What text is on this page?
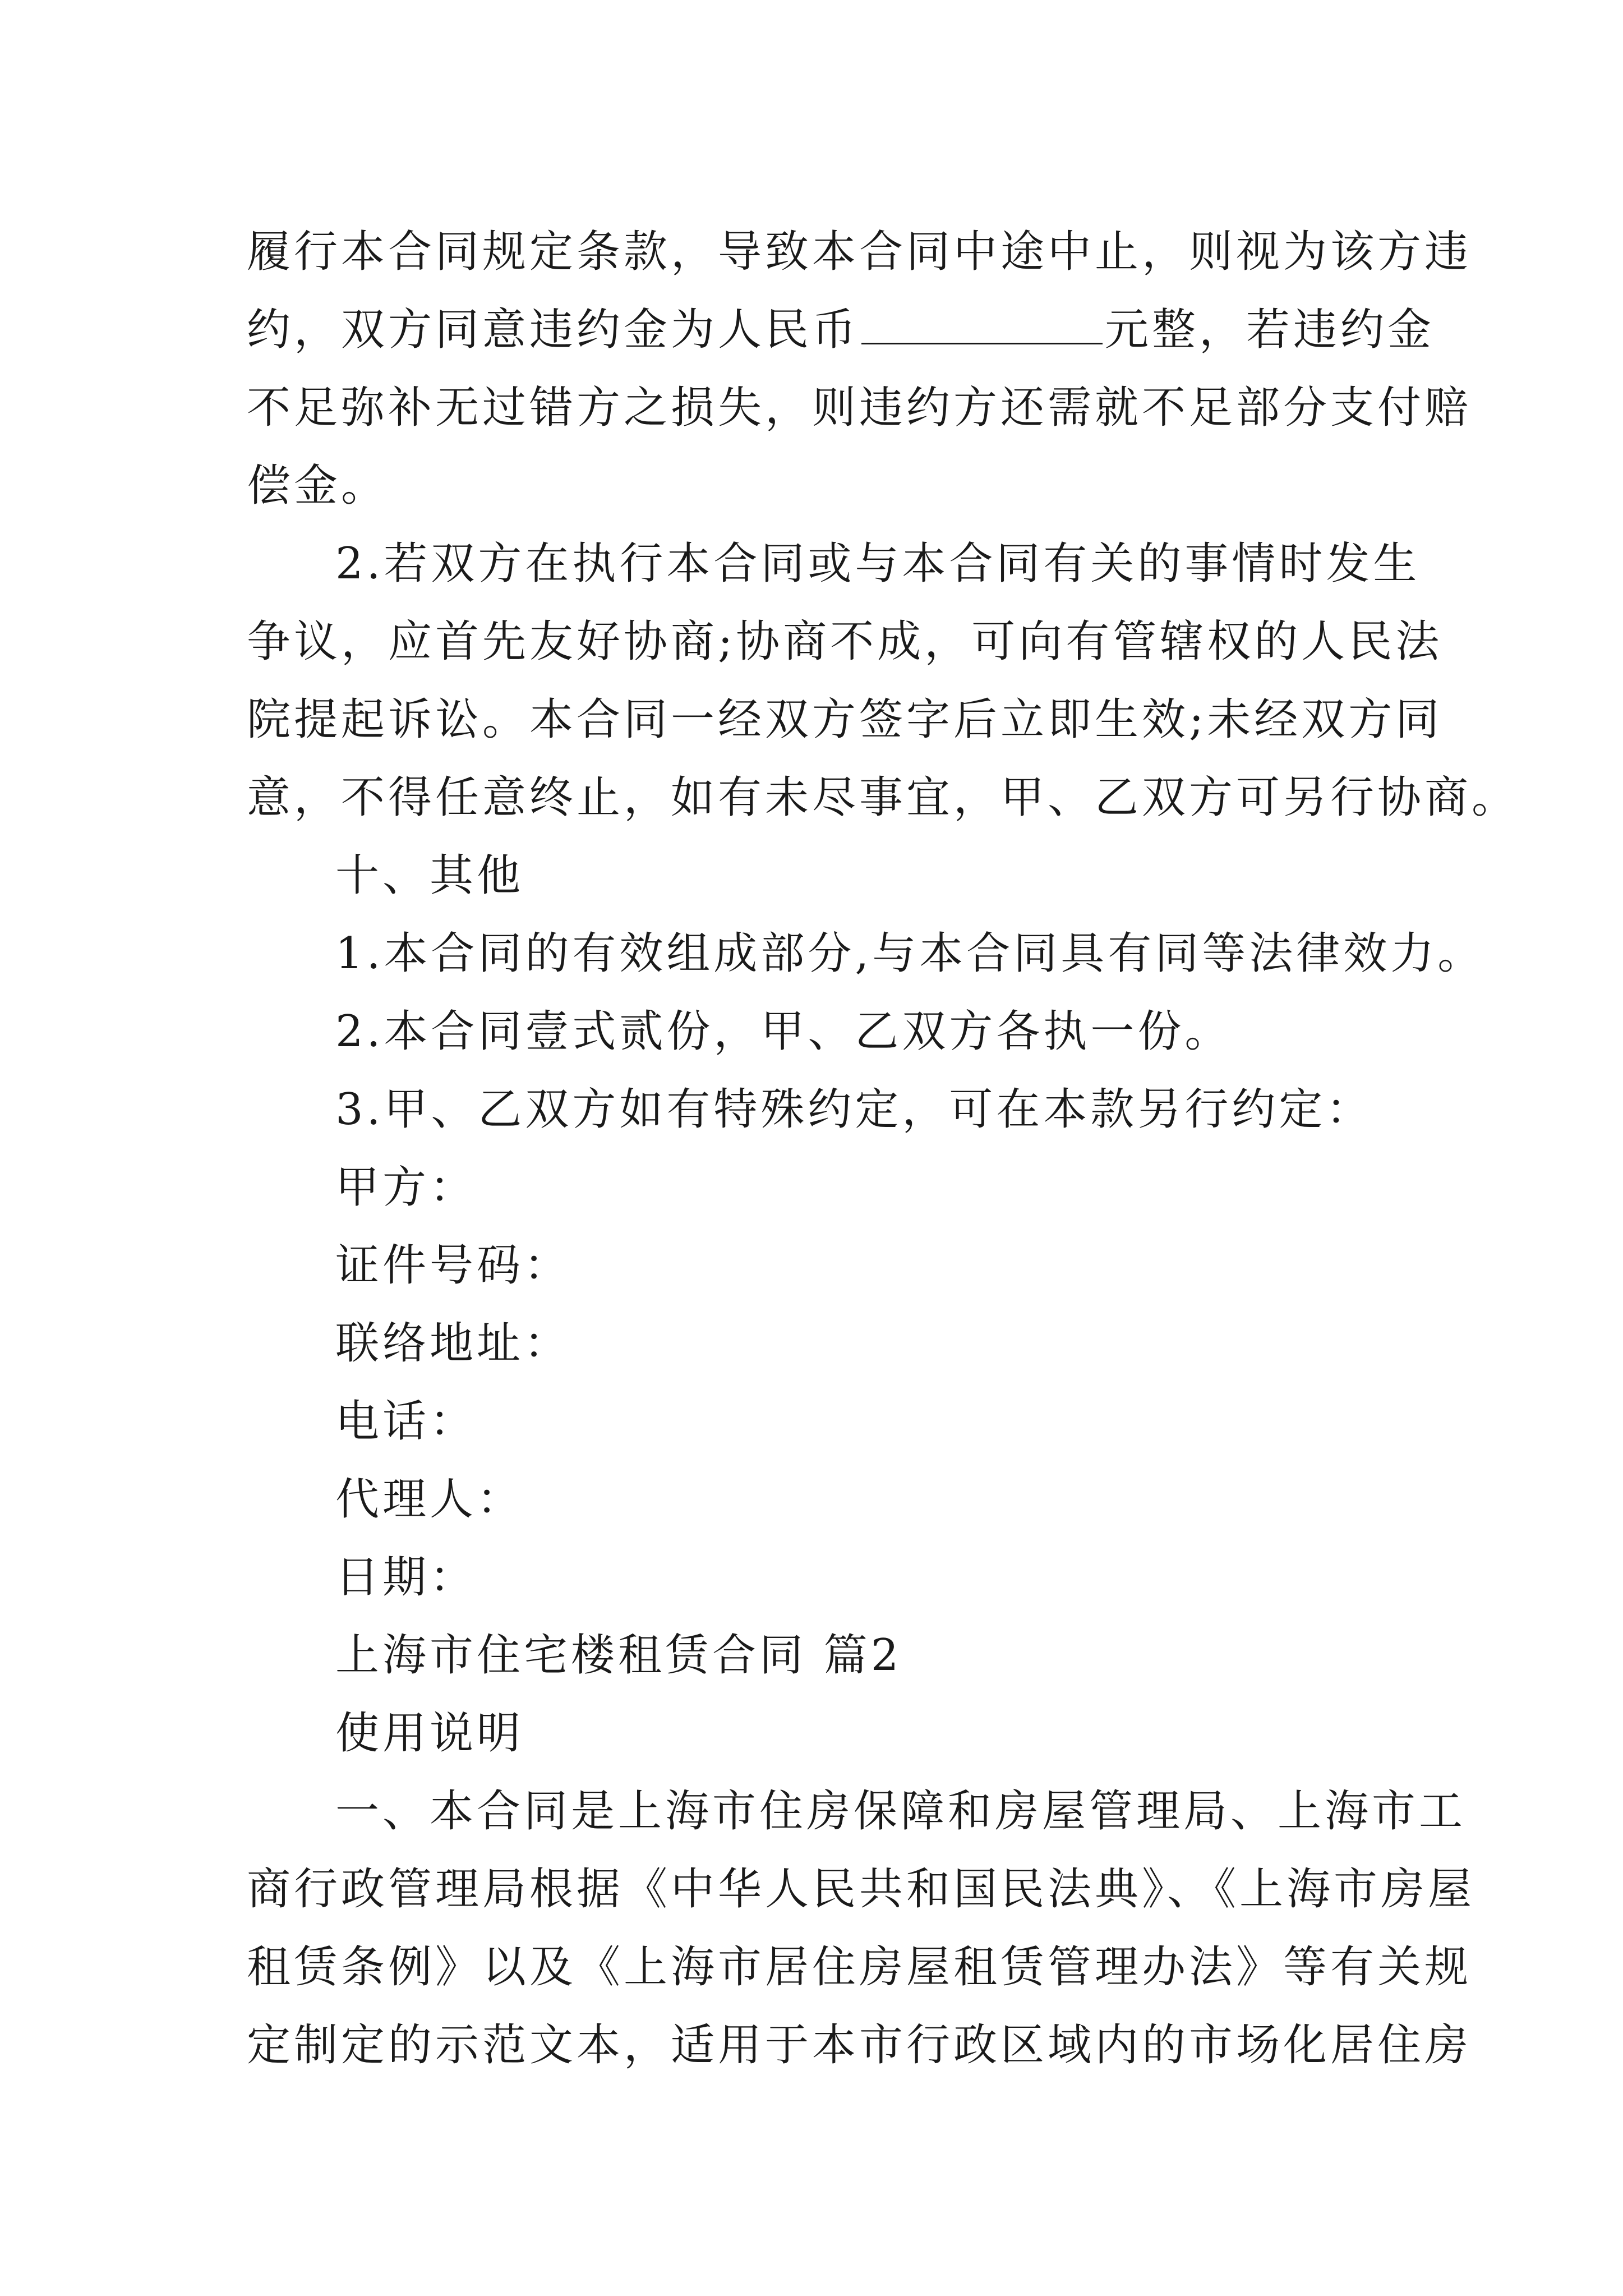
履行本合同规定条款，导致本合同中途中止，则视为该方违
约，双方同意违约金为人民币	元整，若违约金
不足弥补无过错方之损失，则违约方还需就不足部分支付赔
偿金。
2.若双方在执行本合同或与本合同有关的事情时发生
争议，应首先友好协商;协商不成，可向有管辖权的人民法
院提起诉讼。本合同一经双方签字后立即生效;未经双方同
意，不得任意终止，如有未尽事宜，甲、乙双方可另行协商。
十、其他
1.本合同的有效组成部分,与本合同具有同等法律效力。
2.本合同壹式贰份，甲、乙双方各执一份。
3.甲、乙双方如有特殊约定，可在本款另行约定：
甲方：
证件号码：
联络地址：
电话：
代理人：
日期：
上海市住宅楼租赁合同 篇2
使用说明
一、本合同是上海市住房保障和房屋管理局、上海市工
商行政管理局根据《中华人民共和国民法典》、《上海市房屋
租赁条例》以及《上海市居住房屋租赁管理办法》等有关规
定制定的示范文本，适用于本市行政区域内的市场化居住房
